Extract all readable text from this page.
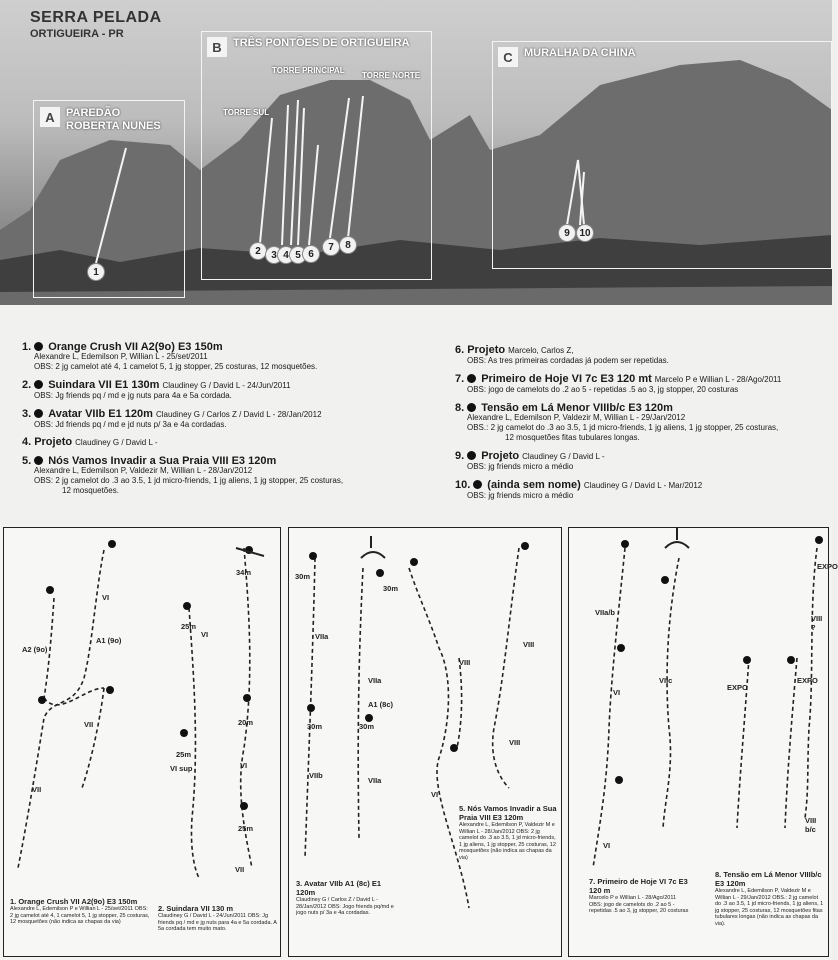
SERRA PELADA
ORTIGUEIRA - PR
A	PAREDÃO ROBERTA NUNES
B	TRÊS PONTÕES DE ORTIGUEIRA
C	MURALHA DA CHINA
TORRE SUL
TORRE PRINCIPAL
TORRE NORTE
1
2	3 4 5 6
7	8
9 10
1. Orange Crush VII A2(9o) E3 150m
Alexandre L, Edemilson P, Willian L - 25/set/2011
OBS: 2 jg camelot até 4, 1 camelot 5, 1 jg stopper, 25 costuras, 12 mosquetões.
2. Suindara VII E1 130m Claudiney G / David L - 24/Jun/2011
OBS: Jg friends pq / md e jg nuts para 4a e 5a cordada.
3. Avatar VIIb E1 120m Claudiney G / Carlos Z / David L - 28/Jan/2012
OBS: Jd friends pq / md e jd nuts p/ 3a e 4a cordadas.
4. Projeto Claudiney G / David L -
5. Nós Vamos Invadir a Sua Praia VIII E3 120m
Alexandre L, Edemilson P, Valdezir M, Willian L - 28/Jan/2012
OBS: 2 jg camelot do .3 ao 3.5, 1 jd micro-friends, 1 jg aliens, 1 jg stopper, 25 costuras,
12 mosquetões.
6. Projeto Marcelo, Carlos Z,
OBS: As tres primeiras cordadas já podem ser repetidas.
7. Primeiro de Hoje VI 7c E3 120 mt Marcelo P e Willian L - 28/Ago/2011
OBS: jogo de camelots do .2 ao 5 - repetidas .5 ao 3, jg stopper, 20 costuras
8. Tensão em Lá Menor VIIIb/c E3 120m
Alexandre L, Edemilson P, Valdezir M, Willian L - 29/Jan/2012
OBS.: 2 jg camelot do .3 ao 3.5, 1 jd micro-friends, 1 jg aliens, 1 jg stopper, 25 costuras,
12 mosquetões fitas tubulares longas.
9. Projeto Claudiney G / David L -
OBS: jg friends micro a médio
10. (ainda sem nome) Claudiney G / David L - Mar/2012
OBS: jg friends micro a médio
VI
A2 (9o)
A1 (9o)
VII
VII
25m
VI
34m
25m
VI sup
20m
VI
25m
VII
1. Orange Crush VII A2(9o) E3 150m
Alexandre L, Edemilson P e Willian L - 25/set/2011 OBS: 2 jg camelot até 4, 1 camelot 5, 1 jg stopper, 25 costuras, 12 mosquetões (não indica as chapas da via)
2. Suindara VII 130 m
Claudiney G / David L - 24/Jun/2011 OBS: Jg friends pq / md e jg nuts para 4a e 5a cordada. A 5a cordada tem muito mato.
30m
30m
VIIa
VIIa
A1 (8c)
30m	30m
VIIb
VIIa
VIII
VIII
VIII
VI
3. Avatar VIIb A1 (8c) E1 120m
Claudiney G / Carlos Z / David L - 28/Jan/2012 OBS: Jogo friends pq/md e jogo nuts p/ 3a e 4a cordadas.
5. Nós Vamos Invadir a Sua Praia VIII E3 120m
Alexandre L, Edemilson P, Valdezir M e Willian L - 28/Jan/2012 OBS: 2 jg camelot do .3 ao 3.5, 1 jd micro-friends, 1 jg aliens, 1 jg stopper, 25 costuras, 12 mosquetões (não indica as chapas da via)
VIIa/b
VIIc
VI
VI
EXPO
EXPO
EXPO
VIII ?
VIII b/c
7. Primeiro de Hoje VI 7c E3 120 m
Marcelo P e Willian L - 28/Ago/2011 OBS: jogo de camelots do .2 ao 5 - repetidas .5 ao 3, jg stopper, 20 costuras
8. Tensão em Lá Menor VIIIb/c E3 120m
Alexandre L, Edemilson P, Valdezir M e Willian L - 29/Jan/2012 OBS.: 2 jg camelot do .3 ao 3.5, 1 jd micro-friends, 1 jg aliens, 1 jg stopper, 25 costuras, 12 mosquetões fitas tubulares longas (não indica as chapas da via).
